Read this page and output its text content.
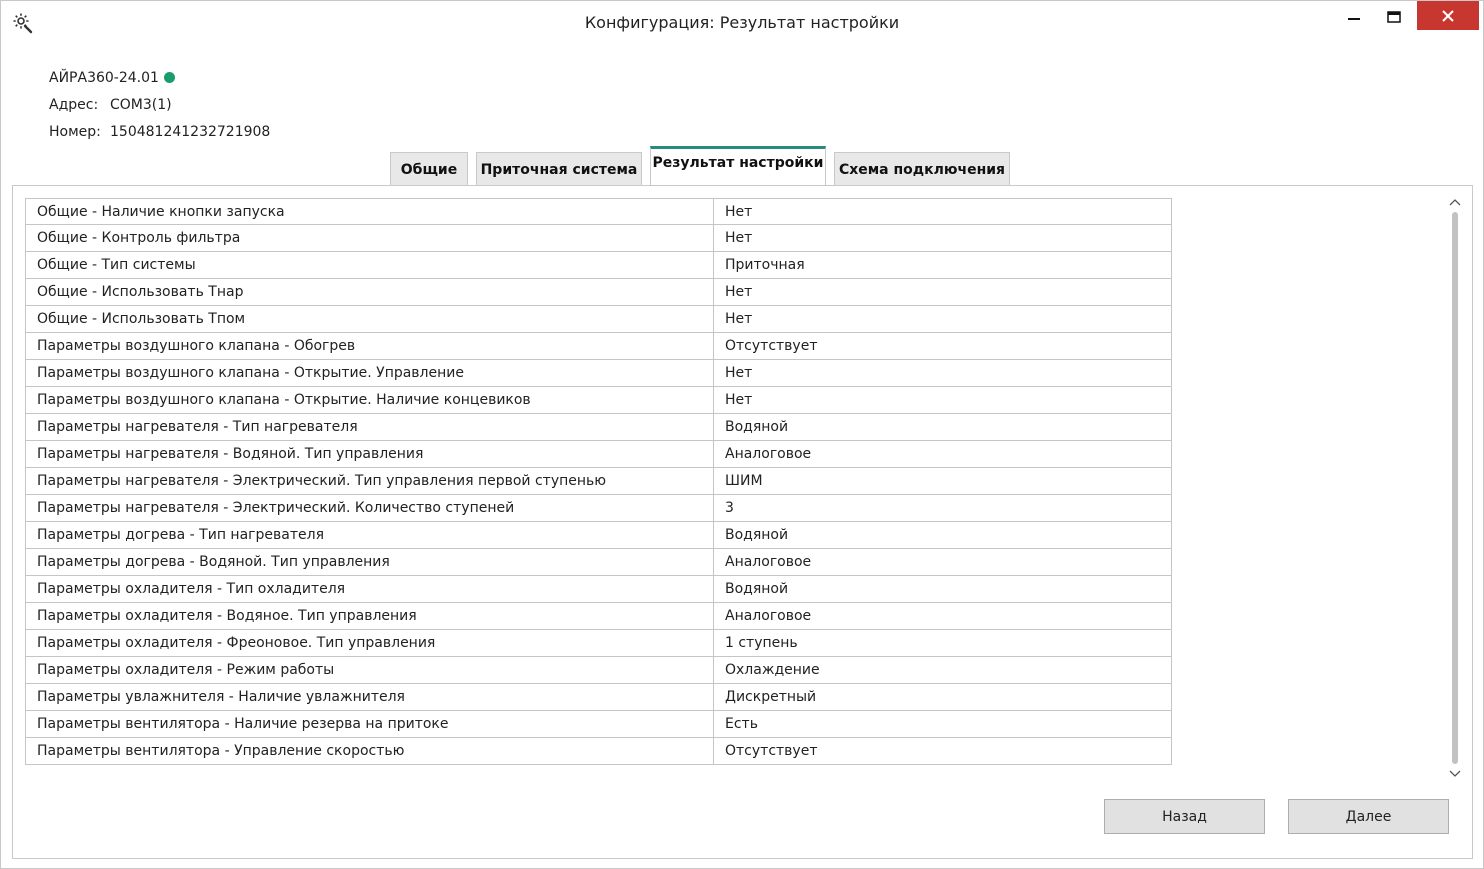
Конфигурация: Результат настройки
АЙРА360-24.01
Адрес: COM3(1)
Номер: 150481241232721908
Общие	Приточная система	Результат настройки	Схема подключения
Общие - Наличие кнопки запуска	Нет
Общие - Контроль фильтра	Нет
Общие - Тип системы	Приточная
Общие - Использовать Тнар	Нет
Общие - Использовать Тпом	Нет
Параметры воздушного клапана - Обогрев	Отсутствует
Параметры воздушного клапана - Открытие. Управление	Нет
Параметры воздушного клапана - Открытие. Наличие концевиков	Нет
Параметры нагревателя - Тип нагревателя	Водяной
Параметры нагревателя - Водяной. Тип управления	Аналоговое
Параметры нагревателя - Электрический. Тип управления первой ступенью	ШИМ
Параметры нагревателя - Электрический. Количество ступеней	3
Параметры догрева - Тип нагревателя	Водяной
Параметры догрева - Водяной. Тип управления	Аналоговое
Параметры охладителя - Тип охладителя	Водяной
Параметры охладителя - Водяное. Тип управления	Аналоговое
Параметры охладителя - Фреоновое. Тип управления	1 ступень
Параметры охладителя - Режим работы	Охлаждение
Параметры увлажнителя - Наличие увлажнителя	Дискретный
Параметры вентилятора - Наличие резерва на притоке	Есть
Параметры вентилятора - Управление скоростью	Отсутствует
Назад	Далее
